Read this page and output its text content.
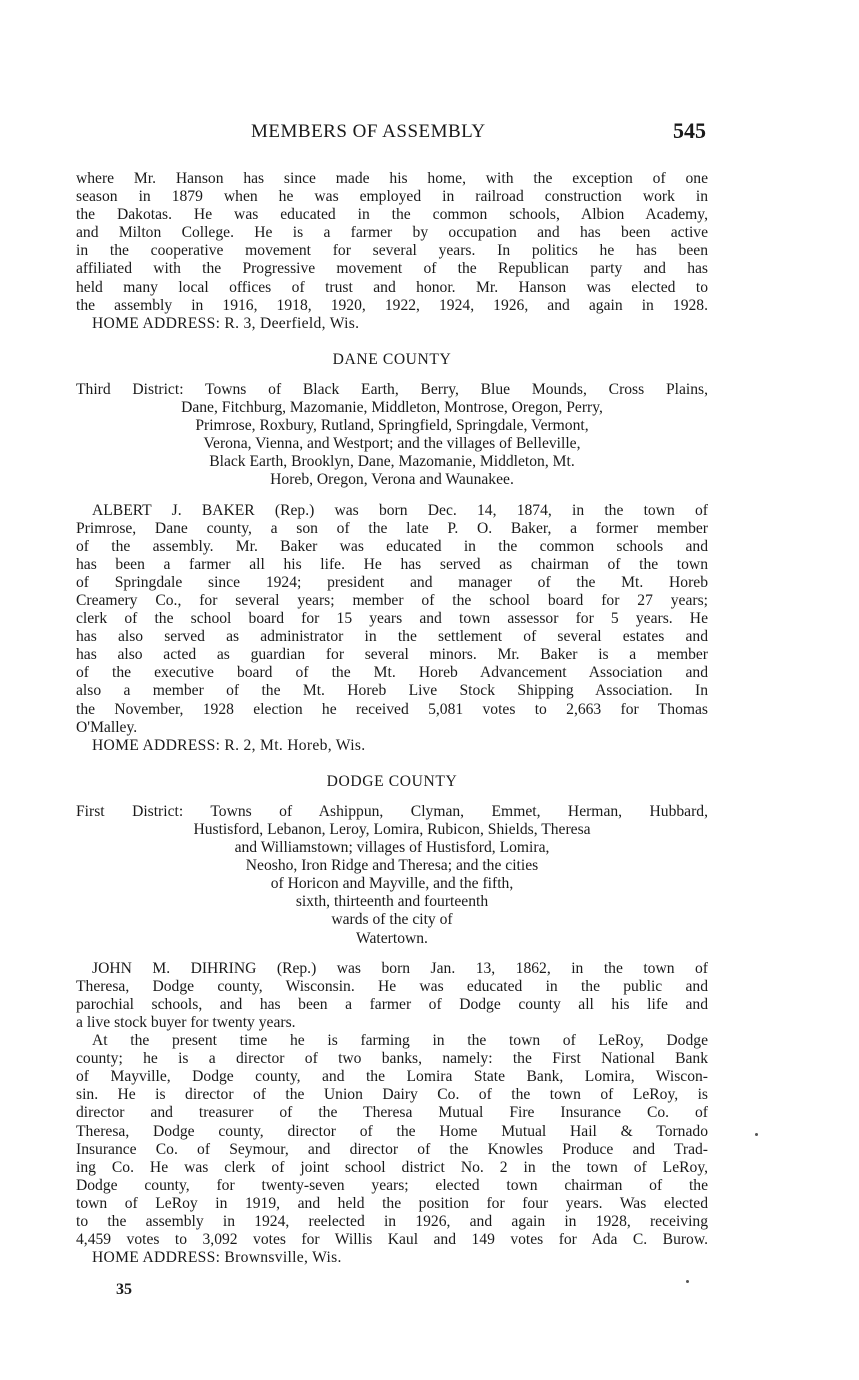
MEMBERS OF ASSEMBLY	545
where Mr. Hanson has since made his home, with the exception of one
season in 1879 when he was employed in railroad construction work in
the Dakotas. He was educated in the common schools, Albion Academy,
and Milton College. He is a farmer by occupation and has been active
in the cooperative movement for several years. In politics he has been
affiliated with the Progressive movement of the Republican party and has
held many local offices of trust and honor. Mr. Hanson was elected to
the assembly in 1916, 1918, 1920, 1922, 1924, 1926, and again in 1928.
HOME ADDRESS: R. 3, Deerfield, Wis.
DANE COUNTY
Third District: Towns of Black Earth, Berry, Blue Mounds, Cross Plains,
Dane, Fitchburg, Mazomanie, Middleton, Montrose, Oregon, Perry,
Primrose, Roxbury, Rutland, Springfield, Springdale, Vermont,
Verona, Vienna, and Westport; and the villages of Belleville,
Black Earth, Brooklyn, Dane, Mazomanie, Middleton, Mt.
Horeb, Oregon, Verona and Waunakee.
ALBERT J. BAKER (Rep.) was born Dec. 14, 1874, in the town of
Primrose, Dane county, a son of the late P. O. Baker, a former member
of the assembly. Mr. Baker was educated in the common schools and
has been a farmer all his life. He has served as chairman of the town
of Springdale since 1924; president and manager of the Mt. Horeb
Creamery Co., for several years; member of the school board for 27 years;
clerk of the school board for 15 years and town assessor for 5 years. He
has also served as administrator in the settlement of several estates and
has also acted as guardian for several minors. Mr. Baker is a member
of the executive board of the Mt. Horeb Advancement Association and
also a member of the Mt. Horeb Live Stock Shipping Association. In
the November, 1928 election he received 5,081 votes to 2,663 for Thomas
O'Malley.
HOME ADDRESS: R. 2, Mt. Horeb, Wis.
DODGE COUNTY
First District: Towns of Ashippun, Clyman, Emmet, Herman, Hubbard,
Hustisford, Lebanon, Leroy, Lomira, Rubicon, Shields, Theresa
and Williamstown; villages of Hustisford, Lomira,
Neosho, Iron Ridge and Theresa; and the cities
of Horicon and Mayville, and the fifth,
sixth, thirteenth and fourteenth
wards of the city of
Watertown.
JOHN M. DIHRING (Rep.) was born Jan. 13, 1862, in the town of
Theresa, Dodge county, Wisconsin. He was educated in the public and
parochial schools, and has been a farmer of Dodge county all his life and
a live stock buyer for twenty years.
At the present time he is farming in the town of LeRoy, Dodge
county; he is a director of two banks, namely: the First National Bank
of Mayville, Dodge county, and the Lomira State Bank, Lomira, Wiscon-
sin. He is director of the Union Dairy Co. of the town of LeRoy, is
director and treasurer of the Theresa Mutual Fire Insurance Co. of
Theresa, Dodge county, director of the Home Mutual Hail & Tornado
Insurance Co. of Seymour, and director of the Knowles Produce and Trad-
ing Co. He was clerk of joint school district No. 2 in the town of LeRoy,
Dodge county, for twenty-seven years; elected town chairman of the
town of LeRoy in 1919, and held the position for four years. Was elected
to the assembly in 1924, reelected in 1926, and again in 1928, receiving
4,459 votes to 3,092 votes for Willis Kaul and 149 votes for Ada C. Burow.
HOME ADDRESS: Brownsville, Wis.
35
